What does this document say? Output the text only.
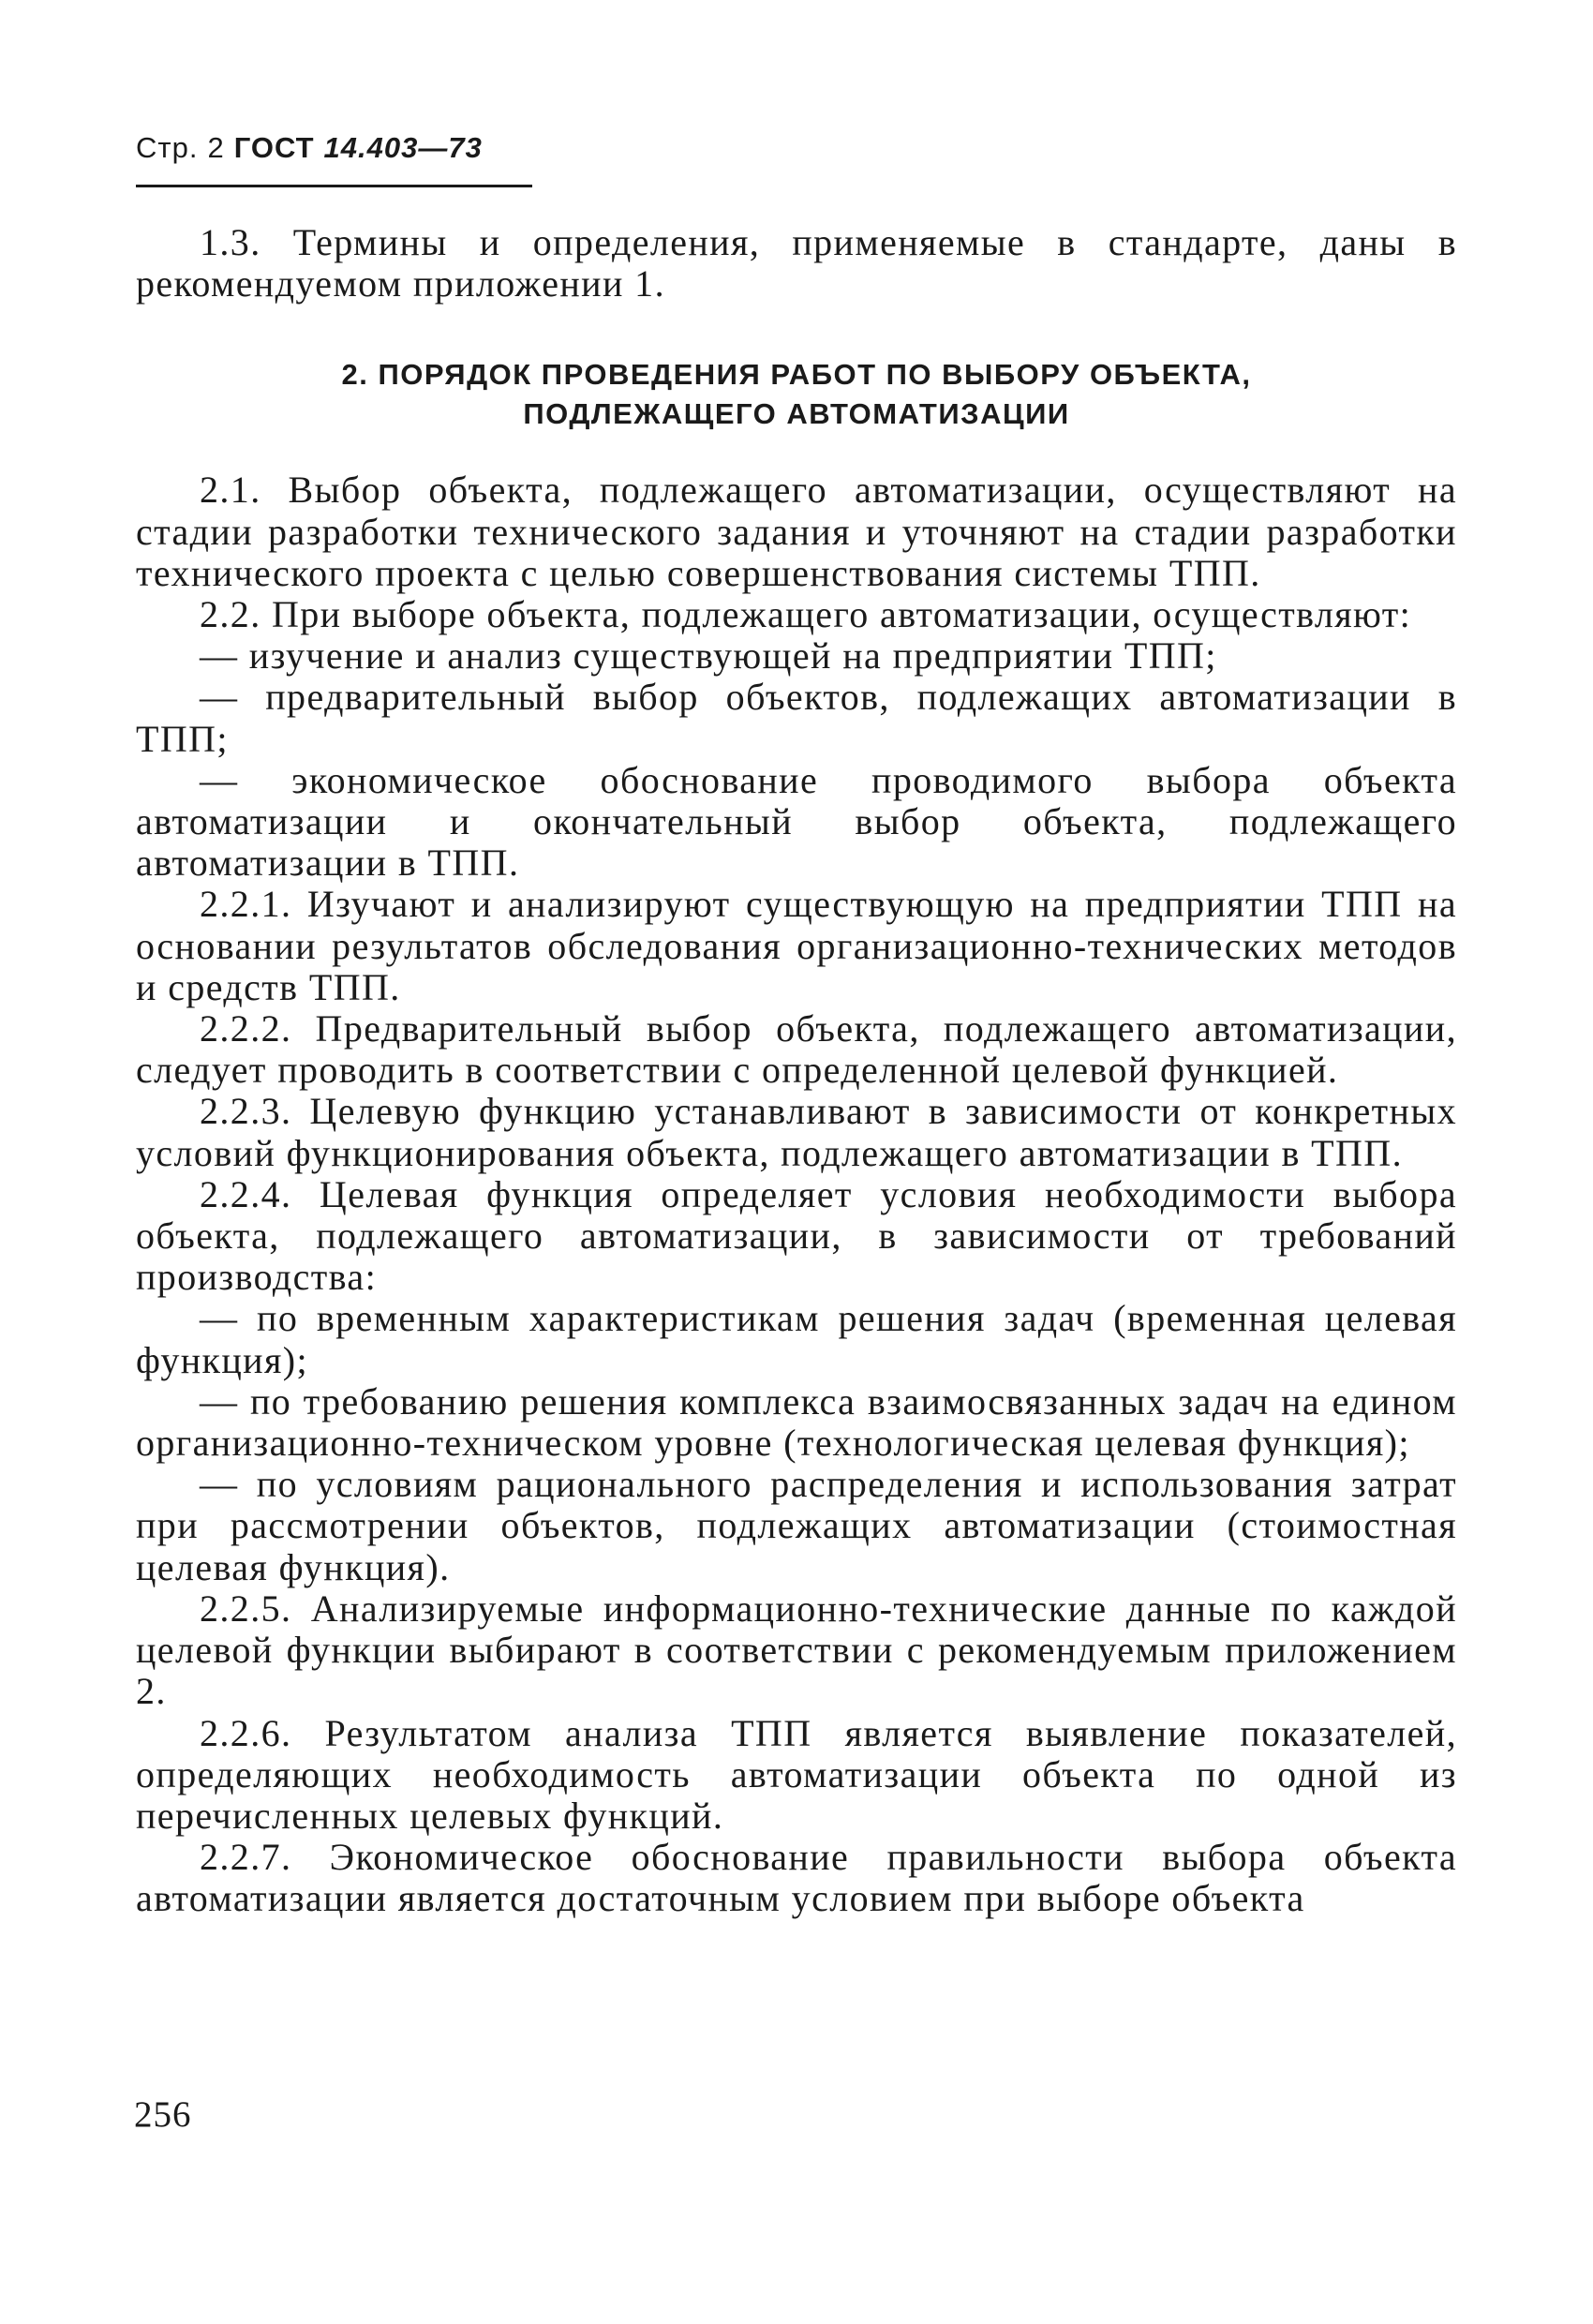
Стр. 2 ГОСТ 14.403—73

1.3. Термины и определения, применяемые в стандарте, даны в рекомендуемом приложении 1.

2. ПОРЯДОК ПРОВЕДЕНИЯ РАБОТ ПО ВЫБОРУ ОБЪЕКТА,
ПОДЛЕЖАЩЕГО АВТОМАТИЗАЦИИ

2.1. Выбор объекта, подлежащего автоматизации, осуществляют на стадии разработки технического задания и уточняют на стадии разработки технического проекта с целью совершенствования системы ТПП.

2.2. При выборе объекта, подлежащего автоматизации, осуществляют:

— изучение и анализ существующей на предприятии ТПП;

— предварительный выбор объектов, подлежащих автоматизации в ТПП;

— экономическое обоснование проводимого выбора объекта автоматизации и окончательный выбор объекта, подлежащего автоматизации в ТПП.

2.2.1. Изучают и анализируют существующую на предприятии ТПП на основании результатов обследования организационно-технических методов и средств ТПП.

2.2.2. Предварительный выбор объекта, подлежащего автоматизации, следует проводить в соответствии с определенной целевой функцией.

2.2.3. Целевую функцию устанавливают в зависимости от конкретных условий функционирования объекта, подлежащего автоматизации в ТПП.

2.2.4. Целевая функция определяет условия необходимости выбора объекта, подлежащего автоматизации, в зависимости от требований производства:

— по временным характеристикам решения задач (временная целевая функция);

— по требованию решения комплекса взаимосвязанных задач на едином организационно-техническом уровне (технологическая целевая функция);

— по условиям рационального распределения и использования затрат при рассмотрении объектов, подлежащих автоматизации (стоимостная целевая функция).

2.2.5. Анализируемые информационно-технические данные по каждой целевой функции выбирают в соответствии с рекомендуемым приложением 2.

2.2.6. Результатом анализа ТПП является выявление показателей, определяющих необходимость автоматизации объекта по одной из перечисленных целевых функций.

2.2.7. Экономическое обоснование правильности выбора объекта автоматизации является достаточным условием при выборе объекта

256
